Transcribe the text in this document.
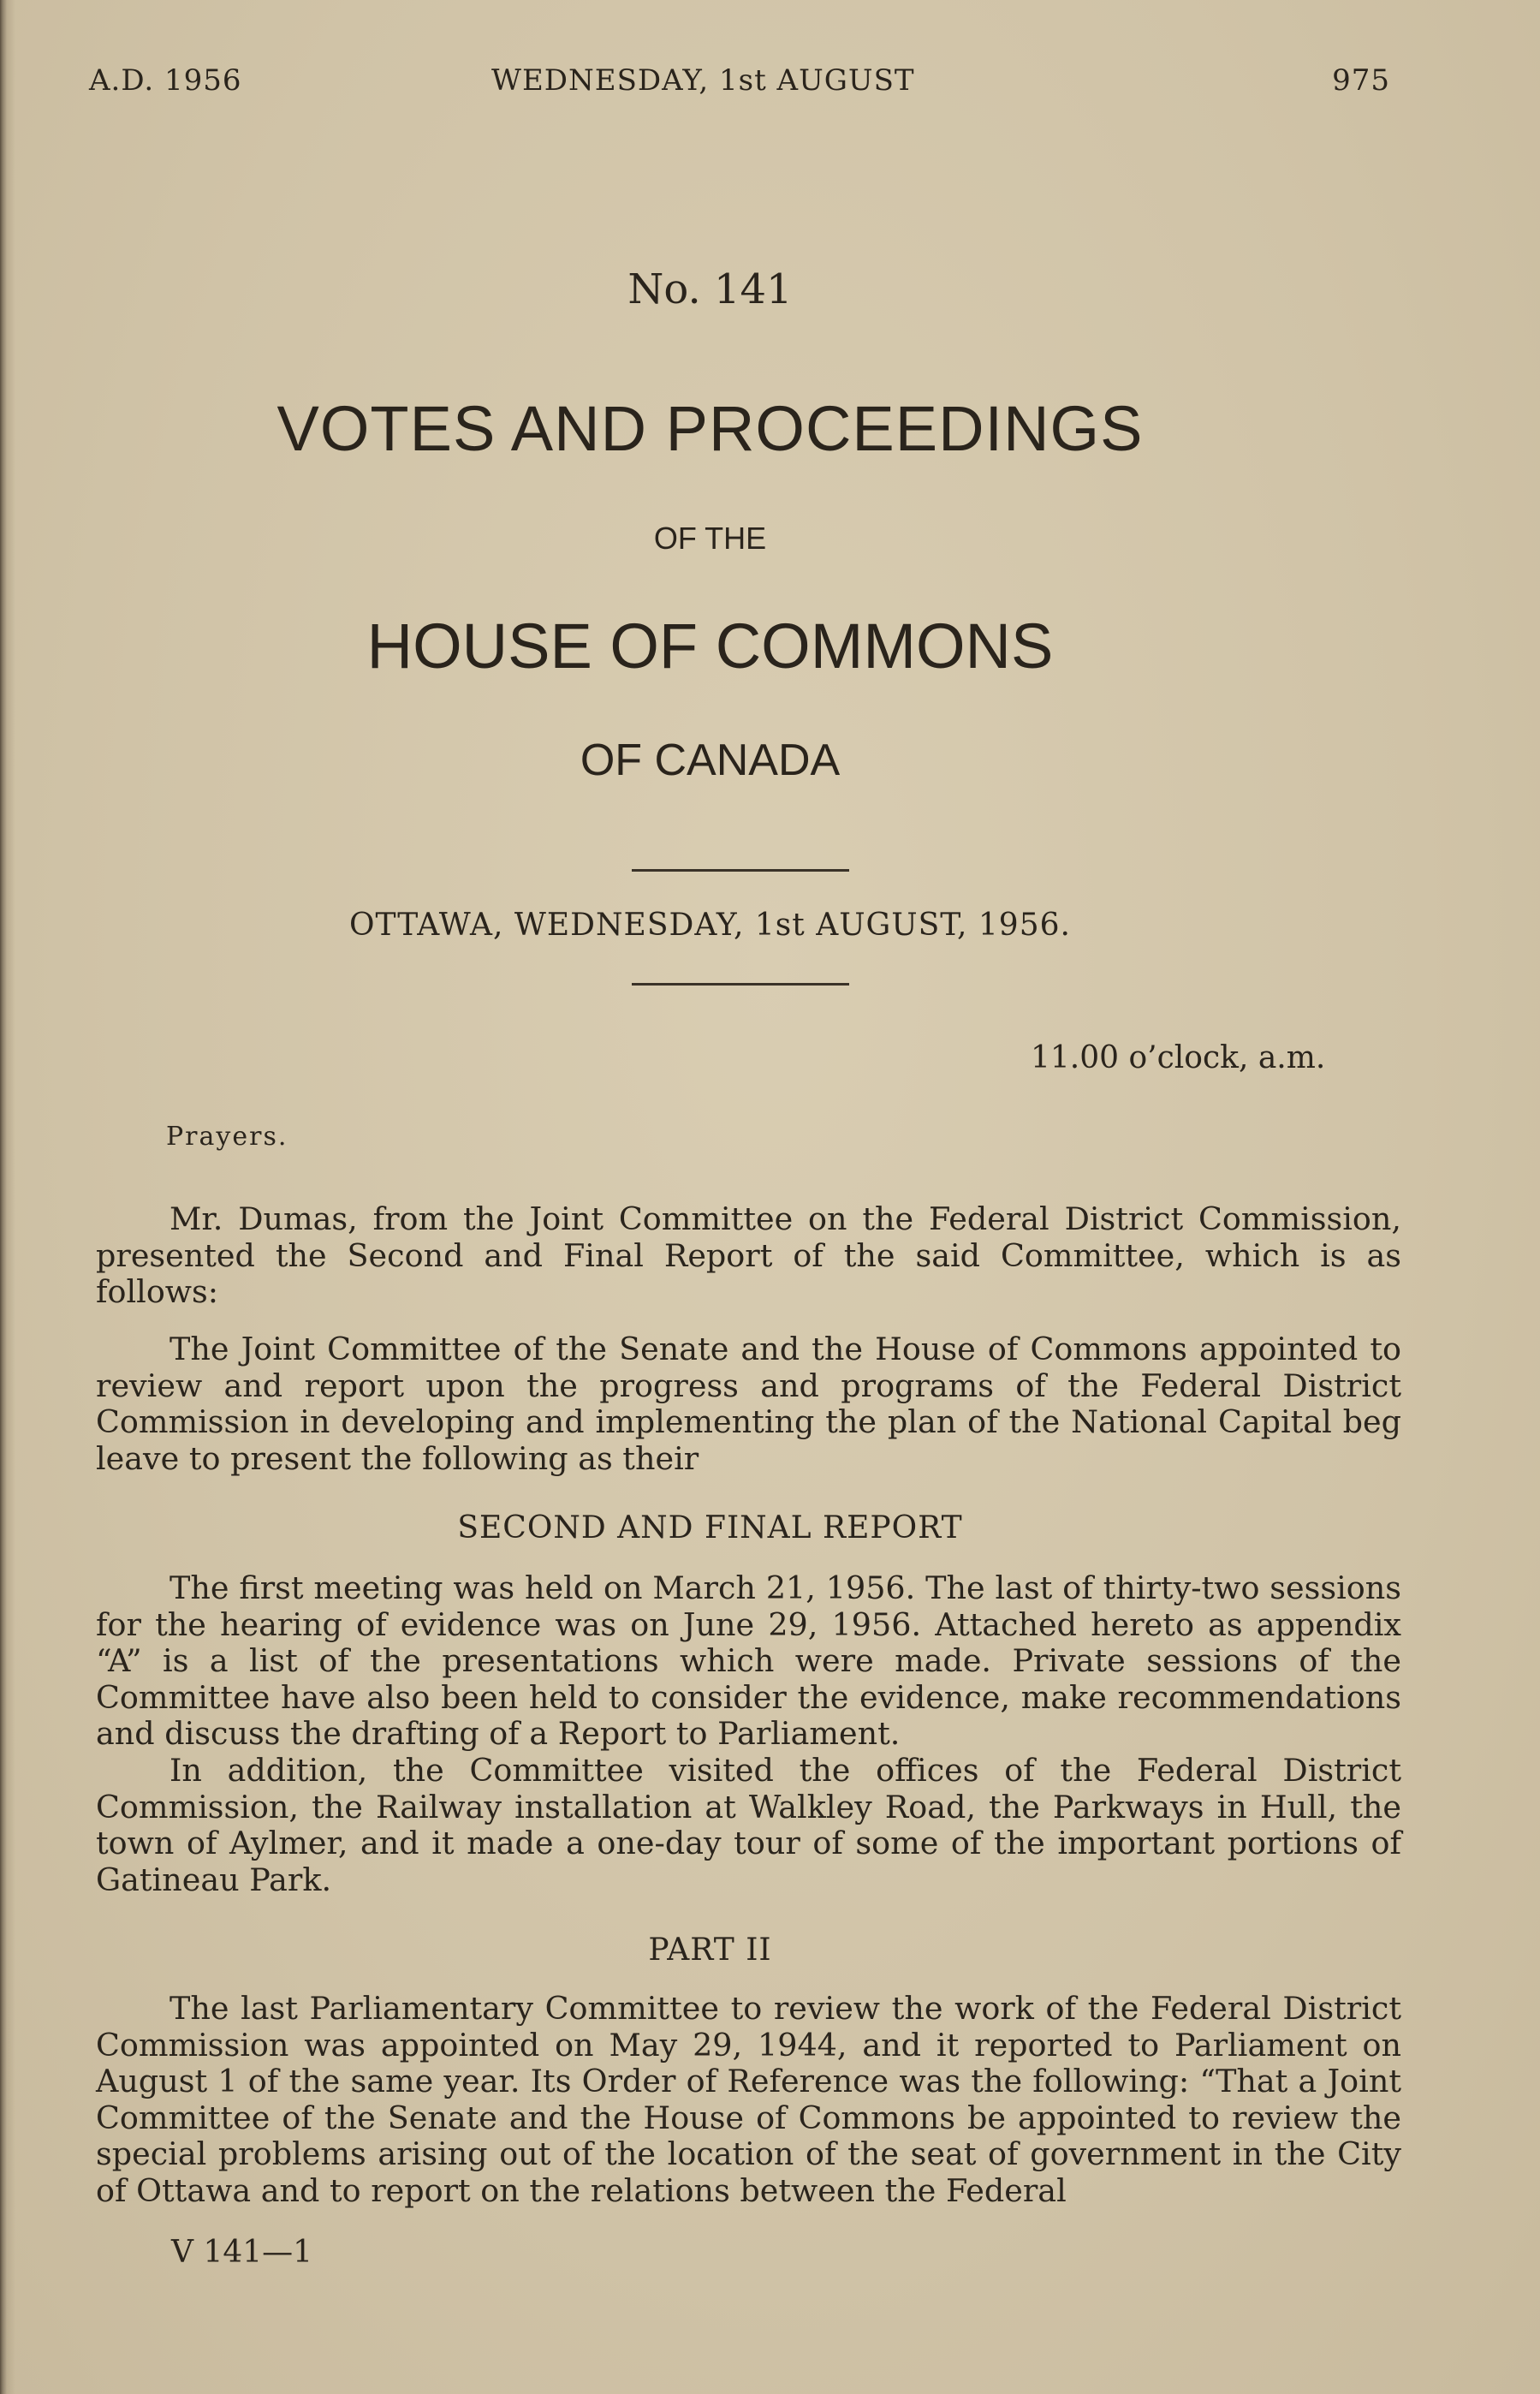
A.D. 1956	WEDNESDAY, 1st AUGUST	975
No. 141
VOTES AND PROCEEDINGS
OF THE
HOUSE OF COMMONS
OF CANADA
OTTAWA, WEDNESDAY, 1st AUGUST, 1956.
11.00 o’clock, a.m.
Prayers.

Mr. Dumas, from the Joint Committee on the Federal District Commission, presented the Second and Final Report of the said Committee, which is as follows:

The Joint Committee of the Senate and the House of Commons appointed to review and report upon the progress and programs of the Federal District Commission in developing and implementing the plan of the National Capital beg leave to present the following as their

SECOND AND FINAL REPORT

The first meeting was held on March 21, 1956. The last of thirty-two sessions for the hearing of evidence was on June 29, 1956. Attached hereto as appendix “A” is a list of the presentations which were made. Private sessions of the Committee have also been held to consider the evidence, make recommendations and discuss the drafting of a Report to Parliament.

In addition, the Committee visited the offices of the Federal District Commission, the Railway installation at Walkley Road, the Parkways in Hull, the town of Aylmer, and it made a one-day tour of some of the important portions of Gatineau Park.

PART II

The last Parliamentary Committee to review the work of the Federal District Commission was appointed on May 29, 1944, and it reported to Parliament on August 1 of the same year. Its Order of Reference was the following: “That a Joint Committee of the Senate and the House of Commons be appointed to review the special problems arising out of the location of the seat of government in the City of Ottawa and to report on the relations between the Federal

V 141—1
